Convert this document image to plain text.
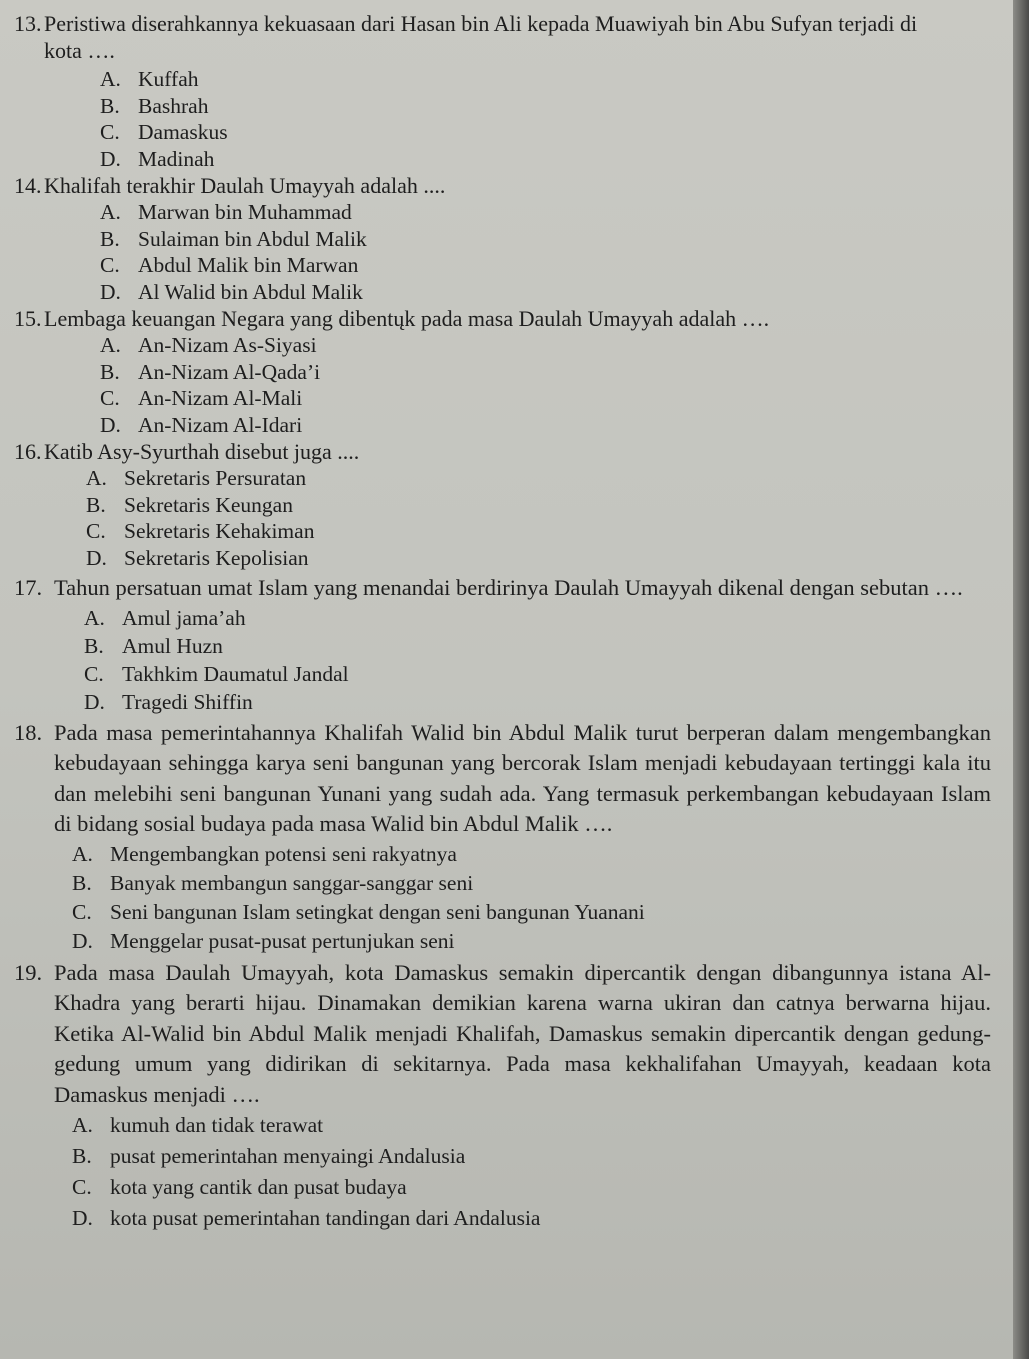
13. Peristiwa diserahkannya kekuasaan dari Hasan bin Ali kepada Muawiyah bin Abu Sufyan terjadi di kota ….
A. Kuffah
B. Bashrah
C. Damaskus
D. Madinah
14. Khalifah terakhir Daulah Umayyah adalah ....
A. Marwan bin Muhammad
B. Sulaiman bin Abdul Malik
C. Abdul Malik bin Marwan
D. Al Walid bin Abdul Malik
15. Lembaga keuangan Negara yang dibentųk pada masa Daulah Umayyah adalah ….
A. An-Nizam As-Siyasi
B. An-Nizam Al-Qada’i
C. An-Nizam Al-Mali
D. An-Nizam Al-Idari
16. Katib Asy-Syurthah disebut juga ....
A. Sekretaris Persuratan
B. Sekretaris Keungan
C. Sekretaris Kehakiman
D. Sekretaris Kepolisian
17. Tahun persatuan umat Islam yang menandai berdirinya Daulah Umayyah dikenal dengan sebutan ….
A. Amul jama’ah
B. Amul Huzn
C. Takhkim Daumatul Jandal
D. Tragedi Shiffin
18. Pada masa pemerintahannya Khalifah Walid bin Abdul Malik turut berperan dalam mengembangkan kebudayaan sehingga karya seni bangunan yang bercorak Islam menjadi kebudayaan tertinggi kala itu dan melebihi seni bangunan Yunani yang sudah ada. Yang termasuk perkembangan kebudayaan Islam di bidang sosial budaya pada masa Walid bin Abdul Malik ….
A. Mengembangkan potensi seni rakyatnya
B. Banyak membangun sanggar-sanggar seni
C. Seni bangunan Islam setingkat dengan seni bangunan Yuanani
D. Menggelar pusat-pusat pertunjukan seni
19. Pada masa Daulah Umayyah, kota Damaskus semakin dipercantik dengan dibangunnya istana Al-Khadra yang berarti hijau. Dinamakan demikian karena warna ukiran dan catnya berwarna hijau. Ketika Al-Walid bin Abdul Malik menjadi Khalifah, Damaskus semakin dipercantik dengan gedung-gedung umum yang didirikan di sekitarnya. Pada masa kekhalifahan Umayyah, keadaan kota Damaskus menjadi ….
A. kumuh dan tidak terawat
B. pusat pemerintahan menyaingi Andalusia
C. kota yang cantik dan pusat budaya
D. kota pusat pemerintahan tandingan dari Andalusia
